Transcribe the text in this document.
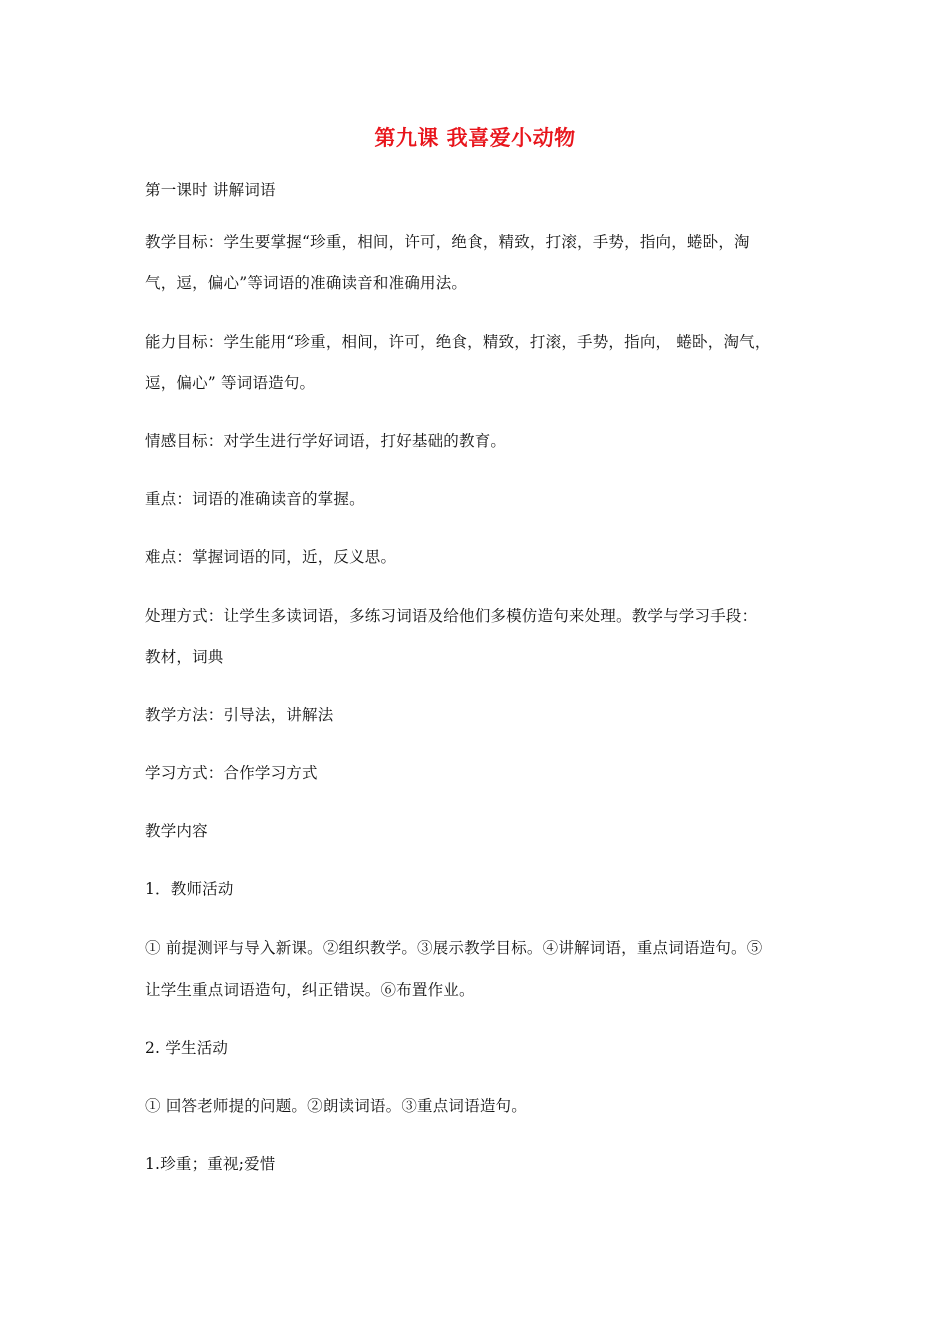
第九课 我喜爱小动物
第一课时 讲解词语
教学目标：学生要掌握“珍重，相间，许可，绝食，精致，打滚，手势，指向，蜷卧，淘
气，逗，偏心”等词语的准确读音和准确用法。
能力目标：学生能用“珍重，相间，许可，绝食，精致，打滚，手势，指向， 蜷卧，淘气，
逗，偏心” 等词语造句。
情感目标：对学生进行学好词语，打好基础的教育。
重点：词语的准确读音的掌握。
难点：掌握词语的同，近，反义思。
处理方式：让学生多读词语，多练习词语及给他们多模仿造句来处理。教学与学习手段：
教材，词典
教学方法：引导法，讲解法
学习方式：合作学习方式
教学内容
1．教师活动
① 前提测评与导入新课。②组织教学。③展示教学目标。④讲解词语，重点词语造句。⑤
让学生重点词语造句，纠正错误。⑥布置作业。
2. 学生活动
① 回答老师提的问题。②朗读词语。③重点词语造句。
1.珍重；重视;爱惜
